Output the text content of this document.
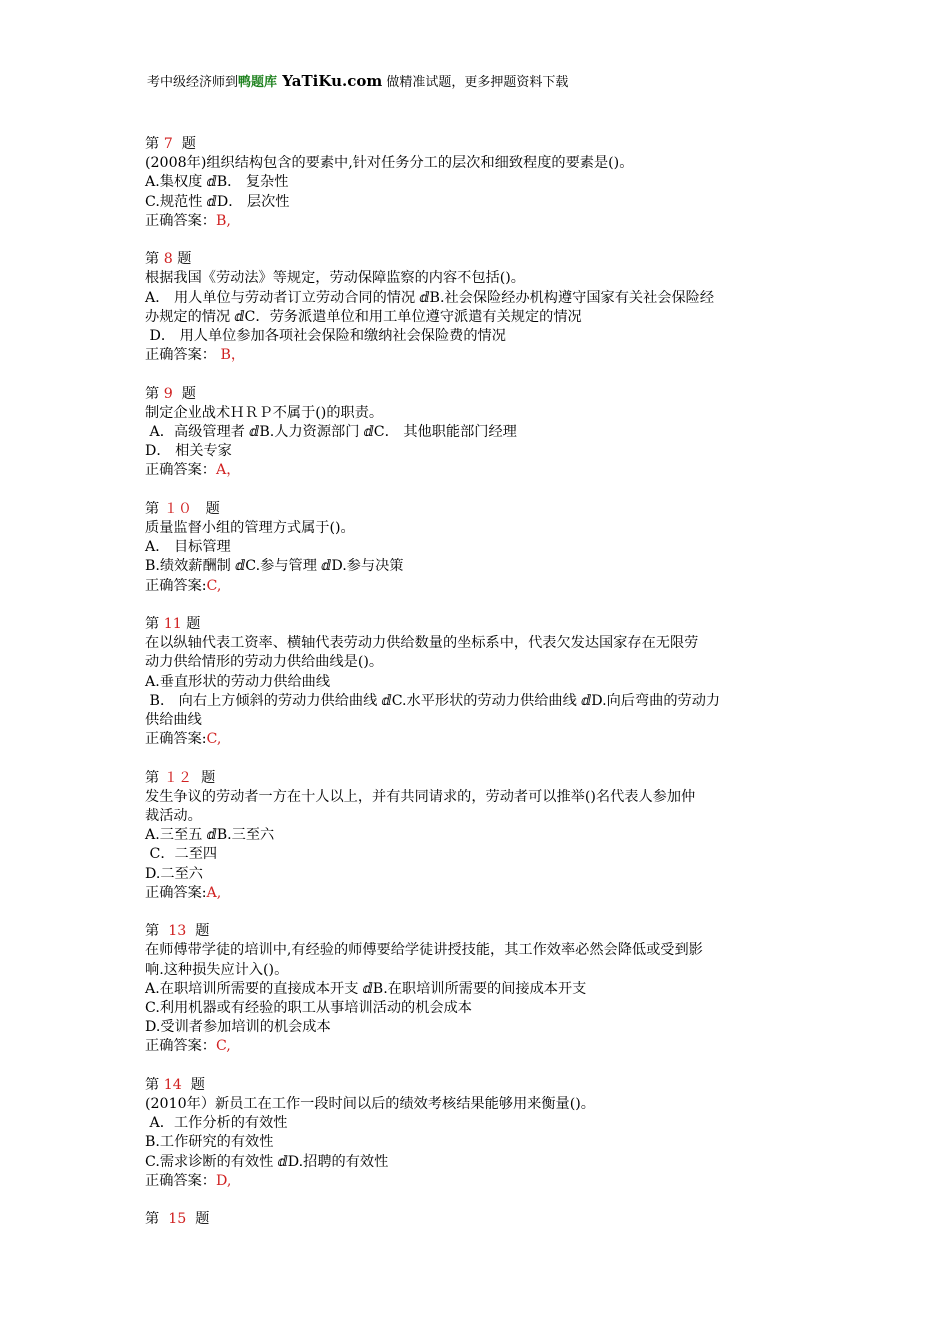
考中级经济师到鸭题库 YaTiKu.com 做精准试题，更多押题资料下载
第 7  题
(2008年)组织结构包含的要素中,针对任务分工的层次和细致程度的要素是()。
A.集权度 ⅆB． 复杂性
C.规范性 ⅆD． 层次性
正确答案：B,
第 8 题
根据我国《劳动法》等规定，劳动保障监察的内容不包括()。
A． 用人单位与劳动者订立劳动合同的情况 ⅆB.社会保险经办机构遵守国家有关社会保险经
办规定的情况 ⅆC．劳务派遣单位和用工单位遵守派遣有关规定的情况
D． 用人单位参加各项社会保险和缴纳社会保险费的情况
正确答案： B，
第 9  题
制定企业战术ＨＲＰ不属于()的职责。
A．高级管理者 ⅆB.人力资源部门 ⅆC． 其他职能部门经理
D． 相关专家
正确答案：A，
第 １０   题
质量监督小组的管理方式属于()。
A． 目标管理
B.绩效薪酬制 ⅆC.参与管理 ⅆD.参与决策
正确答案:C,
第 11 题
在以纵轴代表工资率、横轴代表劳动力供给数量的坐标系中，代表欠发达国家存在无限劳
动力供给情形的劳动力供给曲线是()。
A.垂直形状的劳动力供给曲线
B． 向右上方倾斜的劳动力供给曲线 ⅆC.水平形状的劳动力供给曲线 ⅆD.向后弯曲的劳动力
供给曲线
正确答案:C,
第 １２  题
发生争议的劳动者一方在十人以上，并有共同请求的，劳动者可以推举()名代表人参加仲
裁活动。
A.三至五 ⅆB.三至六
C．二至四
D.二至六
正确答案:A,
第  13  题
在师傅带学徒的培训中,有经验的师傅要给学徒讲授技能，其工作效率必然会降低或受到影
响.这种损失应计入()。
A.在职培训所需要的直接成本开支 ⅆB.在职培训所需要的间接成本开支
C.利用机器或有经验的职工从事培训活动的机会成本
D.受训者参加培训的机会成本
正确答案：C,
第 14  题
(2010年）新员工在工作一段时间以后的绩效考核结果能够用来衡量()。
A．工作分析的有效性
B.工作研究的有效性
C.需求诊断的有效性 ⅆD.招聘的有效性
正确答案：D,
第  15  题
